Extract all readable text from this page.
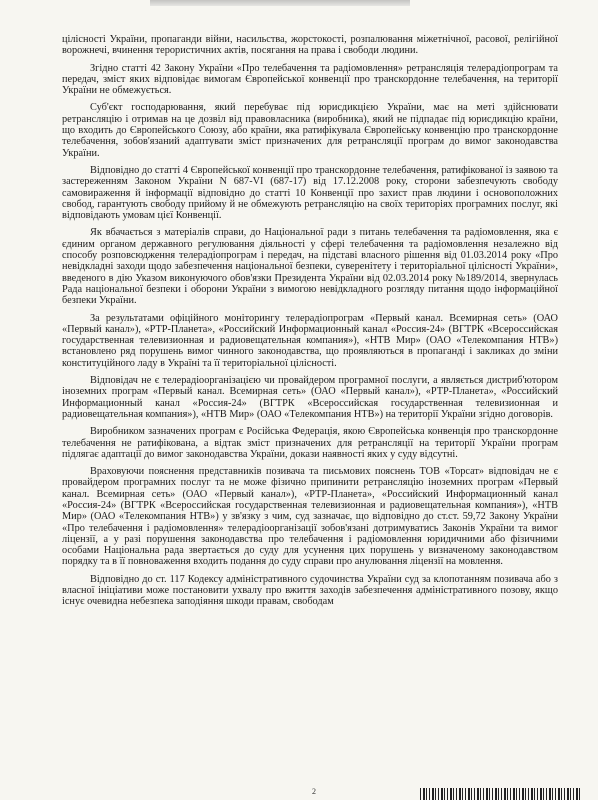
цілісності України, пропаганди війни, насильства, жорстокості, розпалювання міжетнічної, расової, релігійної ворожнечі, вчинення терористичних актів, посягання на права і свободи людини.

Згідно статті 42 Закону України «Про телебачення та радіомовлення» ретрансляція телерадіопрограм та передач, зміст яких відповідає вимогам Європейської конвенції про транскордонне телебачення, на території України не обмежується.

Суб'єкт господарювання, який перебуває під юрисдикцією України, має на меті здійснювати ретрансляцію і отримав на це дозвіл від правовласника (виробника), який не підпадає під юрисдикцію країни, що входить до Європейського Союзу, або країни, яка ратифікувала Європейську конвенцію про транскордонне телебачення, зобов'язаний адаптувати зміст призначених для ретрансляції програм до вимог законодавства України.

Відповідно до статті 4 Європейської конвенції про транскордонне телебачення, ратифікованої із заявою та застереженням Законом України N 687-VI (687-17) від 17.12.2008 року, сторони забезпечують свободу самовираження й інформації відповідно до статті 10 Конвенції про захист прав людини і основоположних свобод, гарантують свободу прийому й не обмежують ретрансляцію на своїх територіях програмних послуг, які відповідають умовам цієї Конвенції.

Як вбачається з матеріалів справи, до Національної ради з питань телебачення та радіомовлення, яка є єдиним органом державного регулювання діяльності у сфері телебачення та радіомовлення незалежно від способу розповсюдження телерадіопрограм і передач, на підставі власного рішення від 01.03.2014 року «Про невідкладні заходи щодо забезпечення національної безпеки, суверенітету і територіальної цілісності України», введеного в дію Указом виконуючого обов'язки Президента України від 02.03.2014 року №189/2014, звернулась Рада національної безпеки і оборони України з вимогою невідкладного розгляду питання щодо інформаційної безпеки України.

За результатами офіційного моніторингу телерадіопрограм «Первый канал. Всемирная сеть» (ОАО «Первый канал»), «РТР-Планета», «Российский Информационный канал «Россия-24» (ВГТРК «Всероссийская государственная телевизионная и радиовещательная компания»), «НТВ Мир» (ОАО «Телекомпания НТВ») встановлено ряд порушень вимог чинного законодавства, що проявляються в пропаганді і закликах до зміни конституційного ладу в Україні та її територіальної цілісності.

Відповідач не є телерадіоорганізацією чи провайдером програмної послуги, а являється дистриб'ютором іноземних програм «Первый канал. Всемирная сеть» (ОАО «Первый канал»), «РТР-Планета», «Российский Информационный канал «Россия-24» (ВГТРК «Всероссийская государственная телевизионная и радиовещательная компания»), «НТВ Мир» (ОАО «Телекомпания НТВ») на території України згідно договорів.

Виробником зазначених програм є Російська Федерація, якою Європейська конвенція про транскордонне телебачення не ратифікована, а відтак зміст призначених для ретрансляції на території України програм підлягає адаптації до вимог законодавства України, докази наявності яких у суду відсутні.

Враховуючи пояснення представників позивача та письмових пояснень ТОВ «Торсат» відповідач не є провайдером програмних послуг та не може фізично припинити ретрансляцію іноземних програм «Первый канал. Всемирная сеть» (ОАО «Первый канал»), «РТР-Планета», «Российский Информационный канал «Россия-24» (ВГТРК «Всероссийская государственная телевизионная и радиовещательная компания»), «НТВ Мир» (ОАО «Телекомпания НТВ») у зв'язку з чим, суд зазначає, що відповідно до ст.ст. 59,72 Закону України «Про телебачення і радіомовлення» телерадіоорганізації зобов'язані дотримуватись Законів України та вимог ліцензії, а у разі порушення законодавства про телебачення і радіомовлення юридичними або фізичними особами Національна рада звертається до суду для усунення цих порушень у визначеному законодавством порядку та в її повноваження входить подання до суду справи про анулювання ліцензії на мовлення.

Відповідно до ст. 117 Кодексу адміністративного судочинства України суд за клопотанням позивача або з власної ініціативи може постановити ухвалу про вжиття заходів забезпечення адміністративного позову, якщо існує очевидна небезпека заподіяння шкоди правам, свободам

2
